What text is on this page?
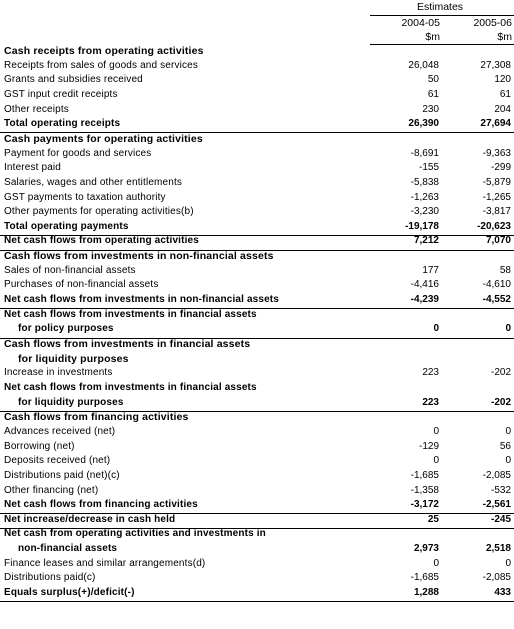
Estimates
2004-05	2005-06
$m	$m
Cash receipts from operating activities
Receipts from sales of goods and services	26,048	27,308
Grants and subsidies received	50	120
GST input credit receipts	61	61
Other receipts	230	204
Total operating receipts	26,390	27,694
Cash payments for operating activities
Payment for goods and services	-8,691	-9,363
Interest paid	-155	-299
Salaries, wages and other entitlements	-5,838	-5,879
GST payments to taxation authority	-1,263	-1,265
Other payments for operating activities(b)	-3,230	-3,817
Total operating payments	-19,178	-20,623
Net cash flows from operating activities	7,212	7,070
Cash flows from investments in non-financial assets
Sales of non-financial assets	177	58
Purchases of non-financial assets	-4,416	-4,610
Net cash flows from investments in non-financial assets	-4,239	-4,552
Net cash flows from investments in financial assets
for policy purposes	0	0
Cash flows from investments in financial assets
for liquidity purposes
Increase in investments	223	-202
Net cash flows from investments in financial assets
for liquidity purposes	223	-202
Cash flows from financing activities
Advances received (net)	0	0
Borrowing (net)	-129	56
Deposits received (net)	0	0
Distributions paid (net)(c)	-1,685	-2,085
Other financing (net)	-1,358	-532
Net cash flows from financing activities	-3,172	-2,561
Net increase/decrease in cash held	25	-245
Net cash from operating activities and investments in
non-financial assets	2,973	2,518
Finance leases and similar arrangements(d)	0	0
Distributions paid(c)	-1,685	-2,085
Equals surplus(+)/deficit(-)	1,288	433
